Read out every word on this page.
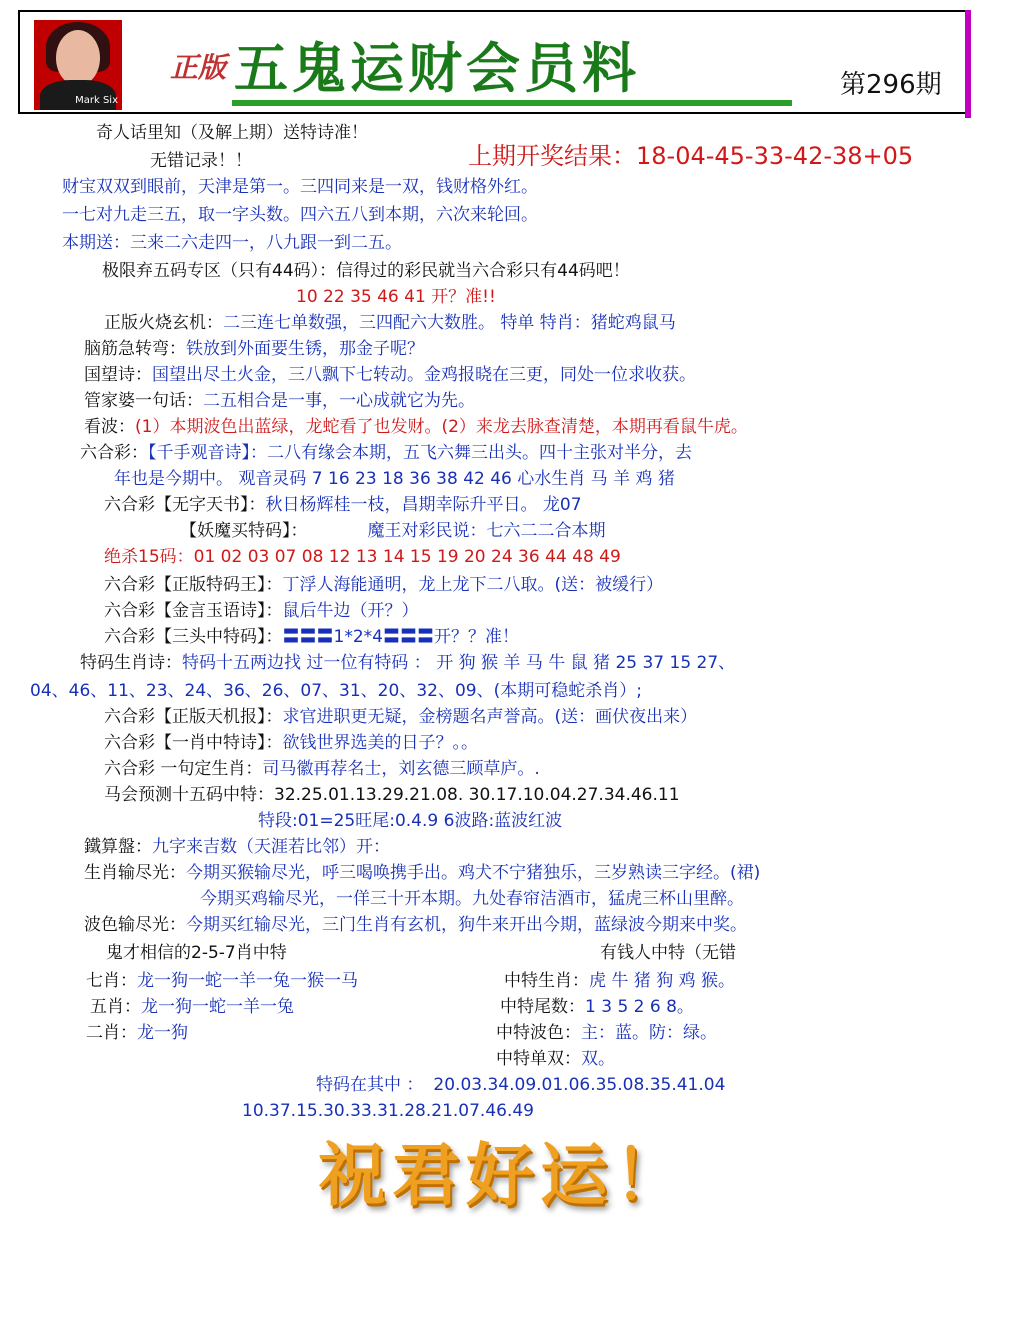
Mark Six
正版 五鬼运财会员料	第296期
奇人话里知（及解上期）送特诗准！
无错记录！！	上期开奖结果：18-04-45-33-42-38+05
财宝双双到眼前，天津是第一。三四同来是一双，钱财格外红。
一七对九走三五，取一字头数。四六五八到本期，六次来轮回。
本期送：三来二六走四一，八九跟一到二五。
极限弃五码专区（只有44码）：信得过的彩民就当六合彩只有44码吧！
10 22 35 46 41 开？准!!
正版火烧玄机：二三连七单数强，三四配六大数胜。 特单 特肖：猪蛇鸡鼠马
脑筋急转弯：铁放到外面要生锈，那金子呢？
国望诗：国望出尽土火金，三八飘下七转动。金鸡报晓在三更，同处一位求收获。
管家婆一句话：二五相合是一事，一心成就它为先。
看波：(1）本期波色出蓝绿，龙蛇看了也发财。(2）来龙去脉查清楚，本期再看鼠牛虎。
六合彩：【千手观音诗】：二八有缘会本期，五飞六舞三出头。四十主张对半分，去
年也是今期中。 观音灵码 7 16 23 18 36 38 42 46 心水生肖 马 羊 鸡 猪
六合彩【无字天书】：秋日杨辉桂一枝，昌期幸际升平日。 龙07
【妖魔买特码】：	魔王对彩民说：七六二二合本期
绝杀15码：01 02 03 07 08 12 13 14 15 19 20 24 36 44 48 49
六合彩【正版特码王】：丁浮人海能通明，龙上龙下二八取。(送：被缓行）
六合彩【金言玉语诗】：鼠后牛边（开？）
六合彩【三头中特码】：〓〓〓1*2*4〓〓〓开？？准！
特码生肖诗：特码十五两边找 过一位有特码 ： 开 狗 猴 羊 马 牛 鼠 猪 25 37 15 27、
04、46、11、23、24、36、26、07、31、20、32、09、(本期可稳蛇杀肖）;
六合彩【正版天机报】：求官进职更无疑，金榜题名声誉高。(送：画伏夜出来）
六合彩【一肖中特诗】：欲钱世界选美的日子？。。
六合彩 一句定生肖：司马徽再荐名士，刘玄德三顾草庐。.
马会预测十五码中特：32.25.01.13.29.21.08. 30.17.10.04.27.34.46.11
特段:01=25旺尾:0.4.9 6波路:蓝波红波
鐵算盤：九字来吉数（天涯若比邻）开：
生肖输尽光：今期买猴输尽光，呼三喝唤携手出。鸡犬不宁猪独乐，三岁熟读三字经。(裙)
今期买鸡输尽光，一佯三十开本期。九处春帘洁酒市，猛虎三杯山里醉。
波色输尽光：今期买红输尽光，三门生肖有玄机，狗牛来开出今期，蓝绿波今期来中奖。
鬼才相信的2-5-7肖中特
七肖：龙一狗一蛇一羊一兔一猴一马
五肖：龙一狗一蛇一羊一兔
二肖：龙一狗
有钱人中特（无错
中特生肖：虎 牛 猪 狗 鸡 猴。
中特尾数：1 3 5 2 6 8。
中特波色：主：蓝。防：绿。
中特单双：双。
特码在其中 ： 20.03.34.09.01.06.35.08.35.41.04
10.37.15.30.33.31.28.21.07.46.49
祝君好运！
